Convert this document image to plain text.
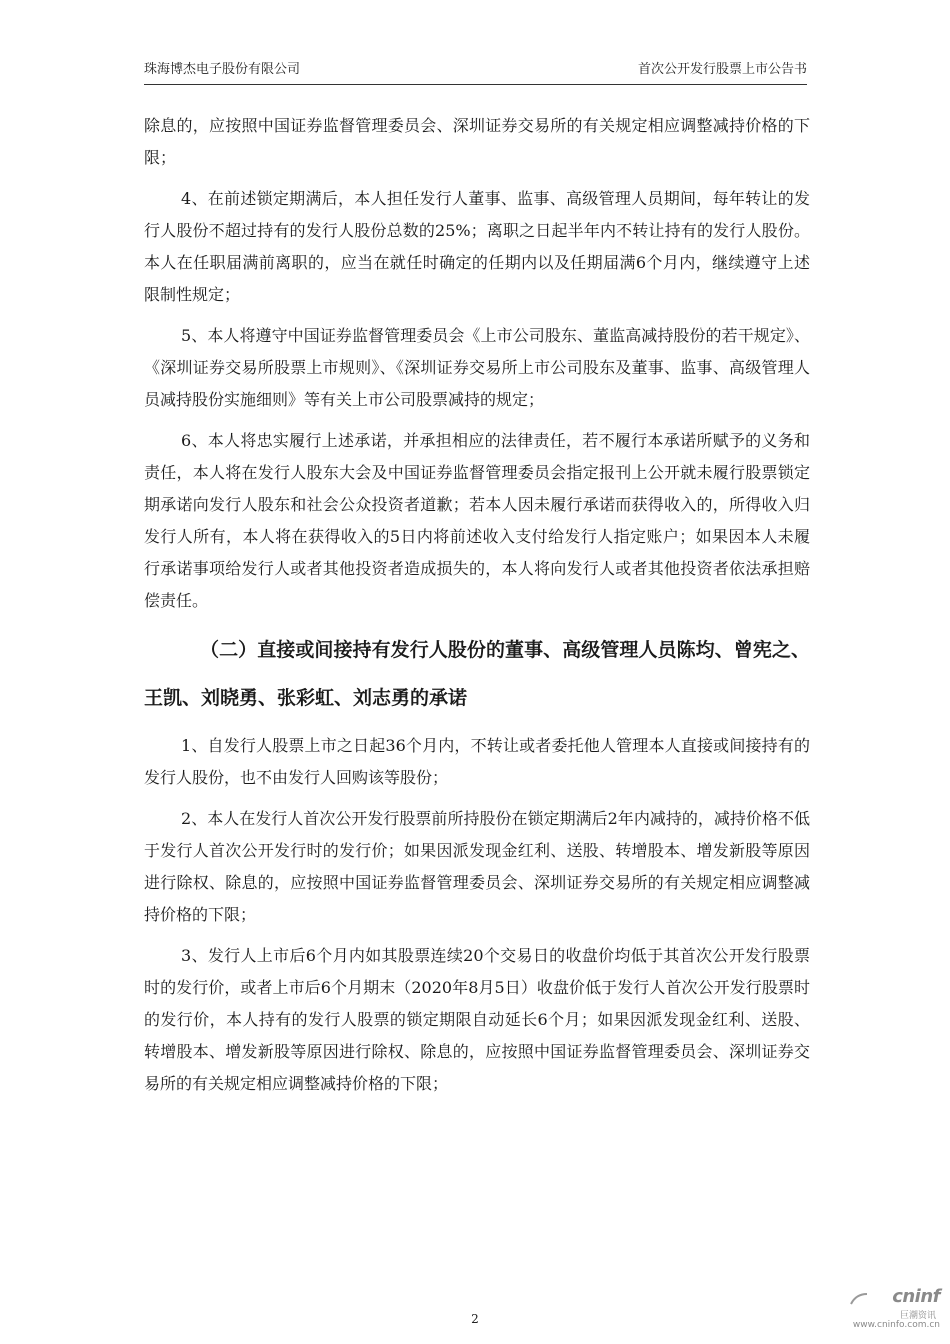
珠海博杰电子股份有限公司	首次公开发行股票上市公告书

除息的，应按照中国证券监督管理委员会、深圳证券交易所的有关规定相应调整减持价格的下限；

4、在前述锁定期满后，本人担任发行人董事、监事、高级管理人员期间，每年转让的发行人股份不超过持有的发行人股份总数的25%；离职之日起半年内不转让持有的发行人股份。本人在任职届满前离职的，应当在就任时确定的任期内以及任期届满6个月内，继续遵守上述限制性规定；

5、本人将遵守中国证券监督管理委员会《上市公司股东、董监高减持股份的若干规定》、《深圳证券交易所股票上市规则》、《深圳证券交易所上市公司股东及董事、监事、高级管理人员减持股份实施细则》等有关上市公司股票减持的规定；

6、本人将忠实履行上述承诺，并承担相应的法律责任，若不履行本承诺所赋予的义务和责任，本人将在发行人股东大会及中国证券监督管理委员会指定报刊上公开就未履行股票锁定期承诺向发行人股东和社会公众投资者道歉；若本人因未履行承诺而获得收入的，所得收入归发行人所有，本人将在获得收入的5日内将前述收入支付给发行人指定账户；如果因本人未履行承诺事项给发行人或者其他投资者造成损失的，本人将向发行人或者其他投资者依法承担赔偿责任。

（二）直接或间接持有发行人股份的董事、高级管理人员陈均、曾宪之、王凯、刘晓勇、张彩虹、刘志勇的承诺

1、自发行人股票上市之日起36个月内，不转让或者委托他人管理本人直接或间接持有的发行人股份，也不由发行人回购该等股份；

2、本人在发行人首次公开发行股票前所持股份在锁定期满后2年内减持的，减持价格不低于发行人首次公开发行时的发行价；如果因派发现金红利、送股、转增股本、增发新股等原因进行除权、除息的，应按照中国证券监督管理委员会、深圳证券交易所的有关规定相应调整减持价格的下限；

3、发行人上市后6个月内如其股票连续20个交易日的收盘价均低于其首次公开发行股票时的发行价，或者上市后6个月期末（2020年8月5日）收盘价低于发行人首次公开发行股票时的发行价，本人持有的发行人股票的锁定期限自动延长6个月；如果因派发现金红利、送股、转增股本、增发新股等原因进行除权、除息的，应按照中国证券监督管理委员会、深圳证券交易所的有关规定相应调整减持价格的下限；

cninf
巨潮资讯
www.cninfo.com.cn
2
